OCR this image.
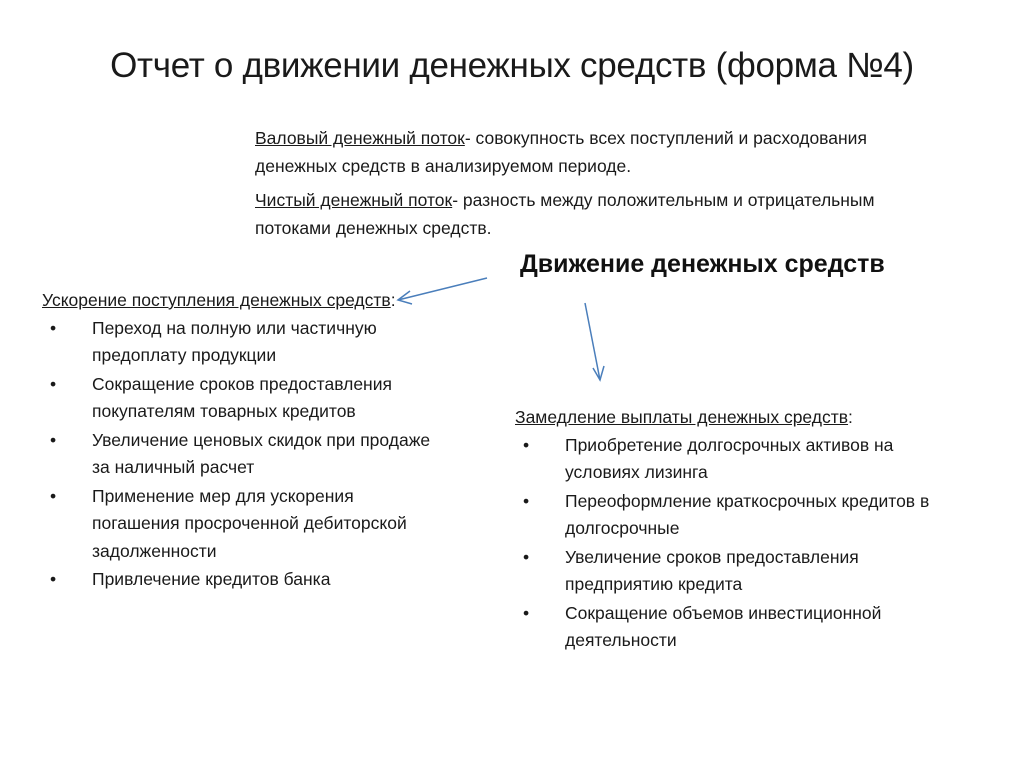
Отчет о движении денежных средств (форма №4)

Валовый денежный поток- совокупность всех поступлений и расходования денежных средств в анализируемом периоде.

Чистый денежный поток- разность между положительным и отрицательным потоками денежных средств.

Движение денежных средств

Ускорение поступления денежных средств:

• Переход на полную или частичную предоплату продукции
• Сокращение сроков предоставления покупателям товарных кредитов
• Увеличение ценовых скидок при продаже за наличный расчет
• Применение мер для ускорения погашения просроченной дебиторской задолженности
• Привлечение кредитов банка

Замедление выплаты денежных средств:

• Приобретение долгосрочных активов на условиях лизинга
• Переоформление краткосрочных кредитов в долгосрочные
• Увеличение сроков предоставления предприятию кредита
• Сокращение объемов инвестиционной деятельности
